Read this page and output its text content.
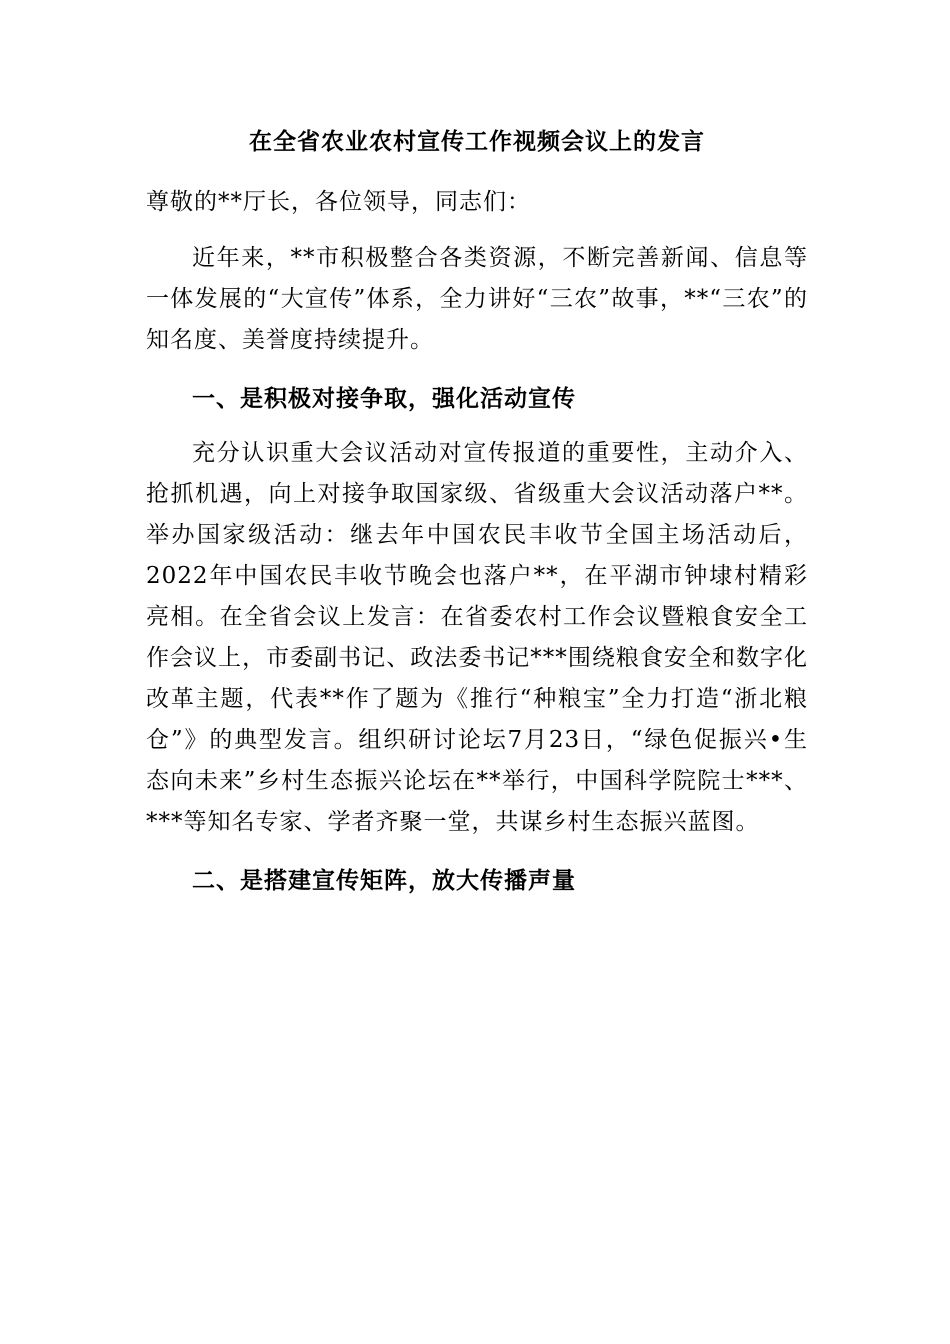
在全省农业农村宣传工作视频会议上的发言

尊敬的**厅长，各位领导，同志们：

近年来，**市积极整合各类资源，不断完善新闻、信息等一体发展的“大宣传”体系，全力讲好“三农”故事，**“三农”的知名度、美誉度持续提升。

一、是积极对接争取，强化活动宣传

充分认识重大会议活动对宣传报道的重要性，主动介入、抢抓机遇，向上对接争取国家级、省级重大会议活动落户**。举办国家级活动：继去年中国农民丰收节全国主场活动后，2022年中国农民丰收节晚会也落户**，在平湖市钟埭村精彩亮相。在全省会议上发言：在省委农村工作会议暨粮食安全工作会议上，市委副书记、政法委书记***围绕粮食安全和数字化改革主题，代表**作了题为《推行“种粮宝”全力打造“浙北粮仓”》的典型发言。组织研讨论坛7月23日，“绿色促振兴•生态向未来”乡村生态振兴论坛在**举行，中国科学院院士***、***等知名专家、学者齐聚一堂，共谋乡村生态振兴蓝图。

二、是搭建宣传矩阵，放大传播声量
